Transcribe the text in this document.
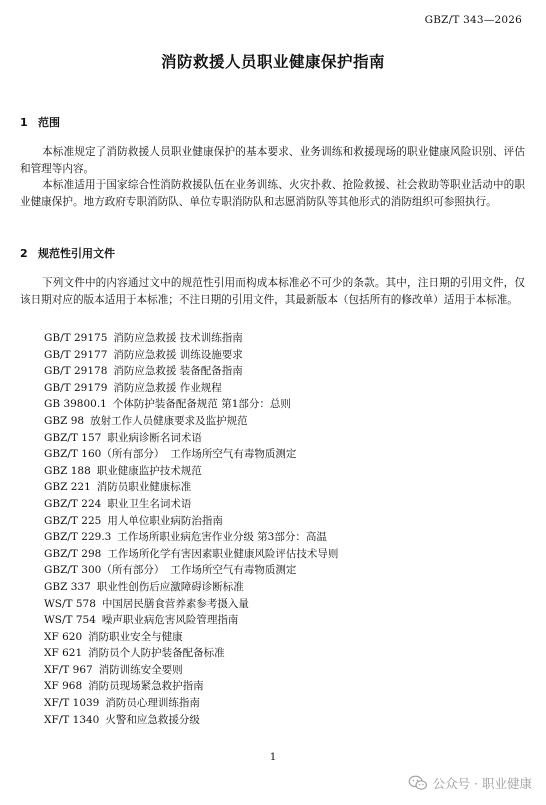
GBZ/T 343—2026
消防救援人员职业健康保护指南
1 范围

本标准规定了消防救援人员职业健康保护的基本要求、业务训练和救援现场的职业健康风险识别、评估和管理等内容。

本标准适用于国家综合性消防救援队伍在业务训练、火灾扑救、抢险救援、社会救助等职业活动中的职业健康保护。地方政府专职消防队、单位专职消防队和志愿消防队等其他形式的消防组织可参照执行。

2 规范性引用文件

下列文件中的内容通过文中的规范性引用而构成本标准必不可少的条款。其中，注日期的引用文件，仅该日期对应的版本适用于本标准；不注日期的引用文件，其最新版本（包括所有的修改单）适用于本标准。

GB/T 29175 消防应急救援 技术训练指南
GB/T 29177 消防应急救援 训练设施要求
GB/T 29178 消防应急救援 装备配备指南
GB/T 29179 消防应急救援 作业规程
GB 39800.1 个体防护装备配备规范 第1部分：总则
GBZ 98 放射工作人员健康要求及监护规范
GBZ/T 157 职业病诊断名词术语
GBZ/T 160（所有部分） 工作场所空气有毒物质测定
GBZ 188 职业健康监护技术规范
GBZ 221 消防员职业健康标准
GBZ/T 224 职业卫生名词术语
GBZ/T 225 用人单位职业病防治指南
GBZ/T 229.3 工作场所职业病危害作业分级 第3部分：高温
GBZ/T 298 工作场所化学有害因素职业健康风险评估技术导则
GBZ/T 300（所有部分） 工作场所空气有毒物质测定
GBZ 337 职业性创伤后应激障碍诊断标准
WS/T 578 中国居民膳食营养素参考摄入量
WS/T 754 噪声职业病危害风险管理指南
XF 620 消防职业安全与健康
XF 621 消防员个人防护装备配备标准
XF/T 967 消防训练安全要则
XF 968 消防员现场紧急救护指南
XF/T 1039 消防员心理训练指南
XF/T 1340 火警和应急救援分级
1
公众号 · 职业健康
